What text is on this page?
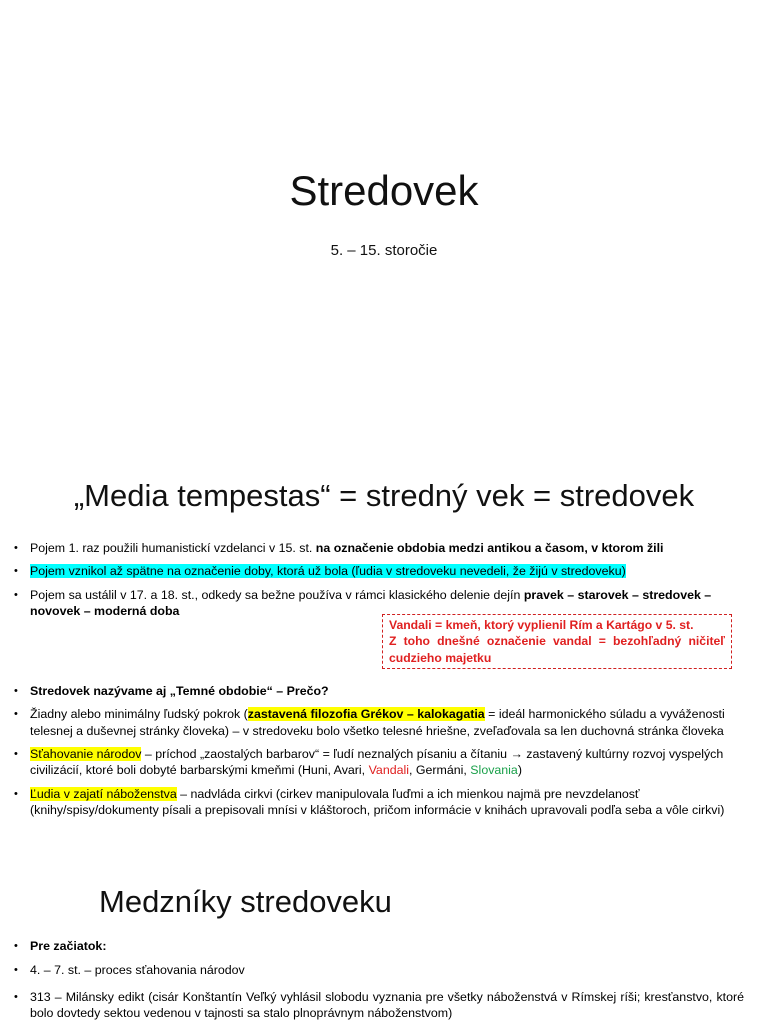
Stredovek
5. – 15. storočie
„Media tempestas“ = stredný vek = stredovek
• Pojem 1. raz použili humanistickí vzdelanci v 15. st. na označenie obdobia medzi antikou a časom, v ktorom žili
• Pojem vznikol až spätne na označenie doby, ktorá už bola (ľudia v stredoveku nevedeli, že žijú v stredoveku)
• Pojem sa ustálil v 17. a 18. st., odkedy sa bežne používa v rámci klasického delenie dejín pravek – starovek – stredovek – novovek – moderná doba
• Stredovek nazývame aj „Temné obdobie“ – Prečo?
• Žiadny alebo minimálny ľudský pokrok (zastavená filozofia Grékov – kalokagatia = ideál harmonického súladu a vyváženosti telesnej a duševnej stránky človeka) – v stredoveku bolo všetko telesné hriešne, zveľaďovala sa len duchovná stránka človeka
• Sťahovanie národov – príchod „zaostalých barbarov“ = ľudí neznalých písaniu a čítaniu → zastavený kultúrny rozvoj vyspelých civilizácií, ktoré boli dobyté barbarskými kmeňmi (Huni, Avari, Vandali, Germáni, Slovania)
• Ľudia v zajatí náboženstva – nadvláda cirkvi (cirkev manipulovala ľuďmi a ich mienkou najmä pre nevzdelanosť (knihy/spisy/dokumenty písali a prepisovali mnísi v kláštoroch, pričom informácie v knihách upravovali podľa seba a vôle cirkvi)
Vandali = kmeň, ktorý vyplienil Rím a Kartágo v 5. st.
Z toho dnešné označenie vandal = bezohľadný ničiteľ cudzieho majetku
Medzníky stredoveku
• Pre začiatok:
• 4. – 7. st. – proces sťahovania národov
• 313 – Milánsky edikt (cisár Konštantín Veľký vyhlásil slobodu vyznania pre všetky náboženstvá v Rímskej ríši; kresťanstvo, ktoré bolo dovtedy sektou vedenou v tajnosti sa stalo plnoprávnym náboženstvom)
